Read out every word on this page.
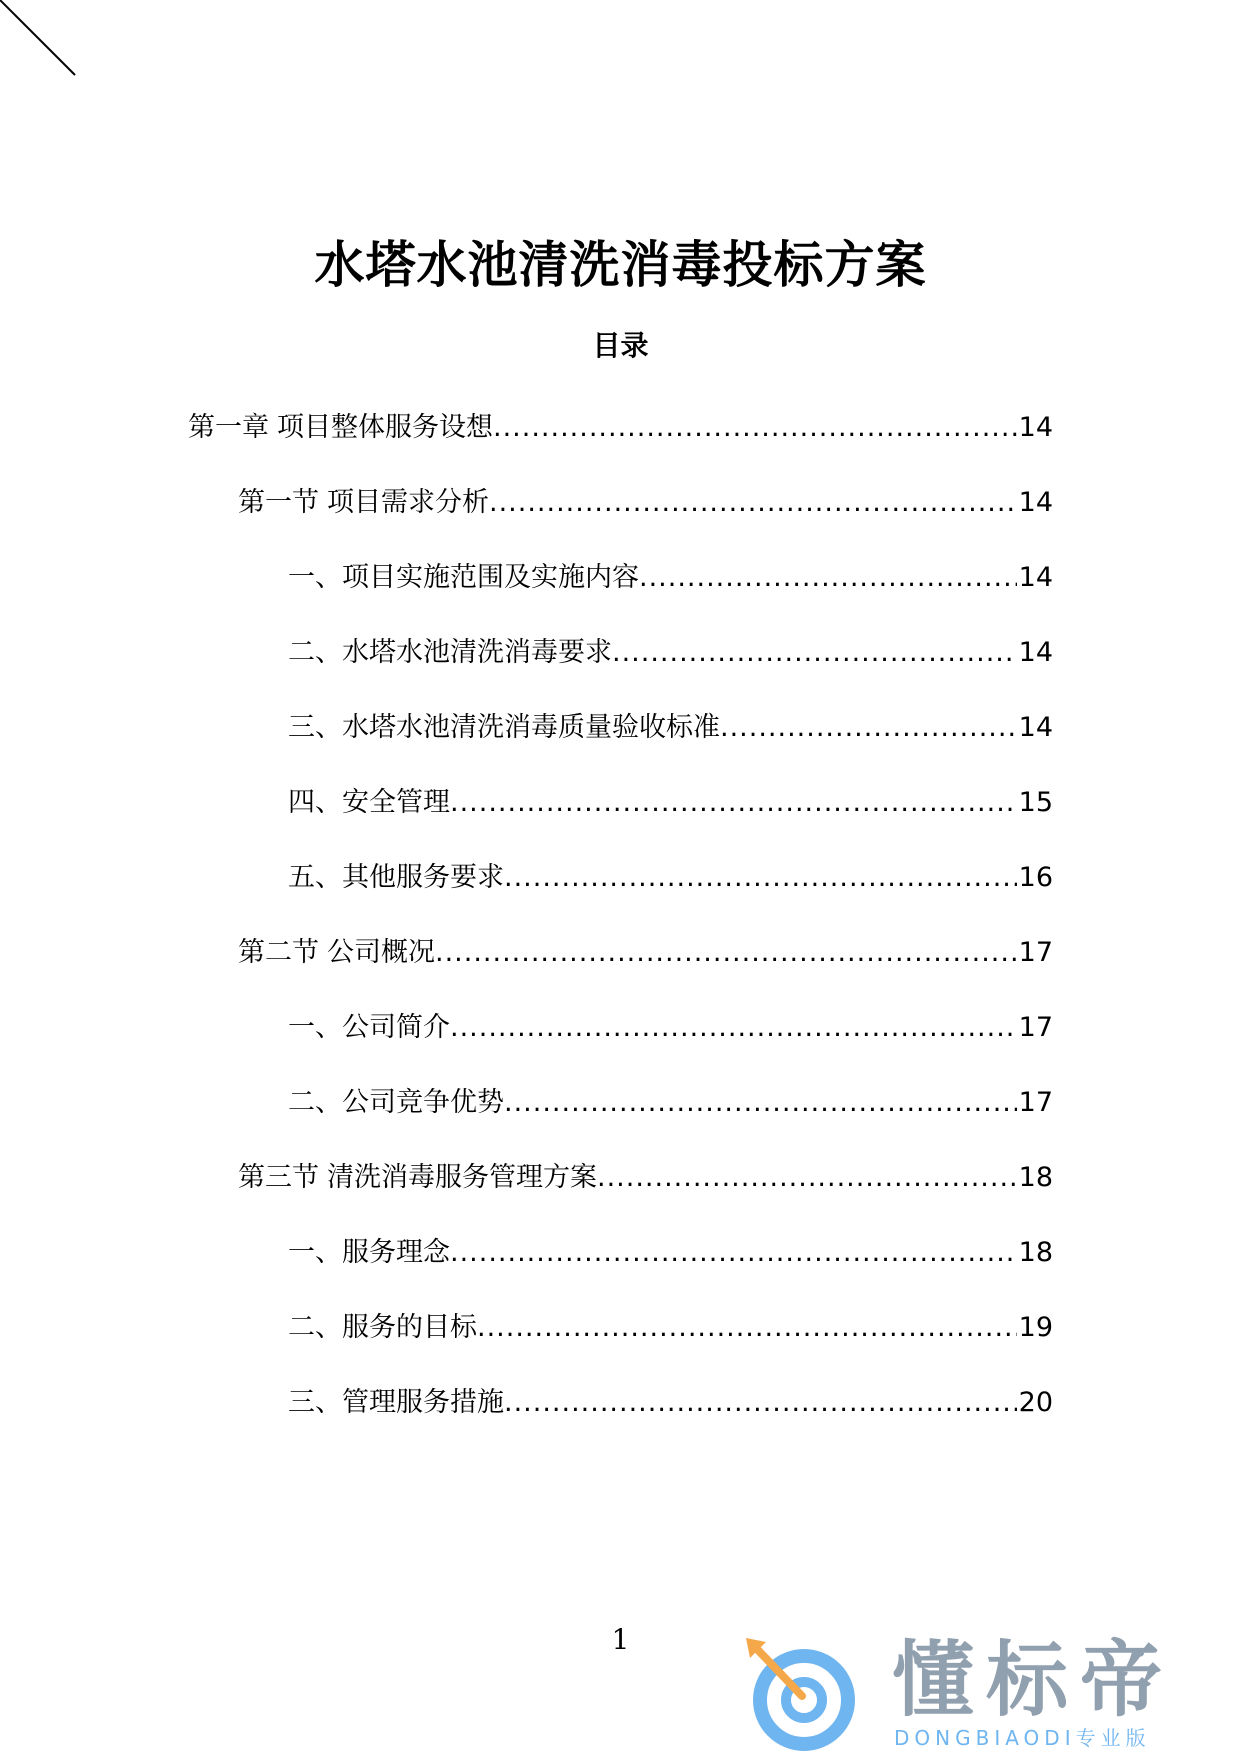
水塔水池清洗消毒投标方案
目录
第一章 项目整体服务设想 .....	14
第一节 项目需求分析 .....	14
一、项目实施范围及实施内容 .....	14
二、水塔水池清洗消毒要求 .....	14
三、水塔水池清洗消毒质量验收标准 .....	14
四、安全管理 .....	15
五、其他服务要求 .....	16
第二节 公司概况 .....	17
一、公司简介 .....	17
二、公司竞争优势 .....	17
第三节 清洗消毒服务管理方案 .....	18
一、服务理念 .....	18
二、服务的目标 .....	19
三、管理服务措施 .....	20
1	懂标帝
DONGBIAODI专业版
